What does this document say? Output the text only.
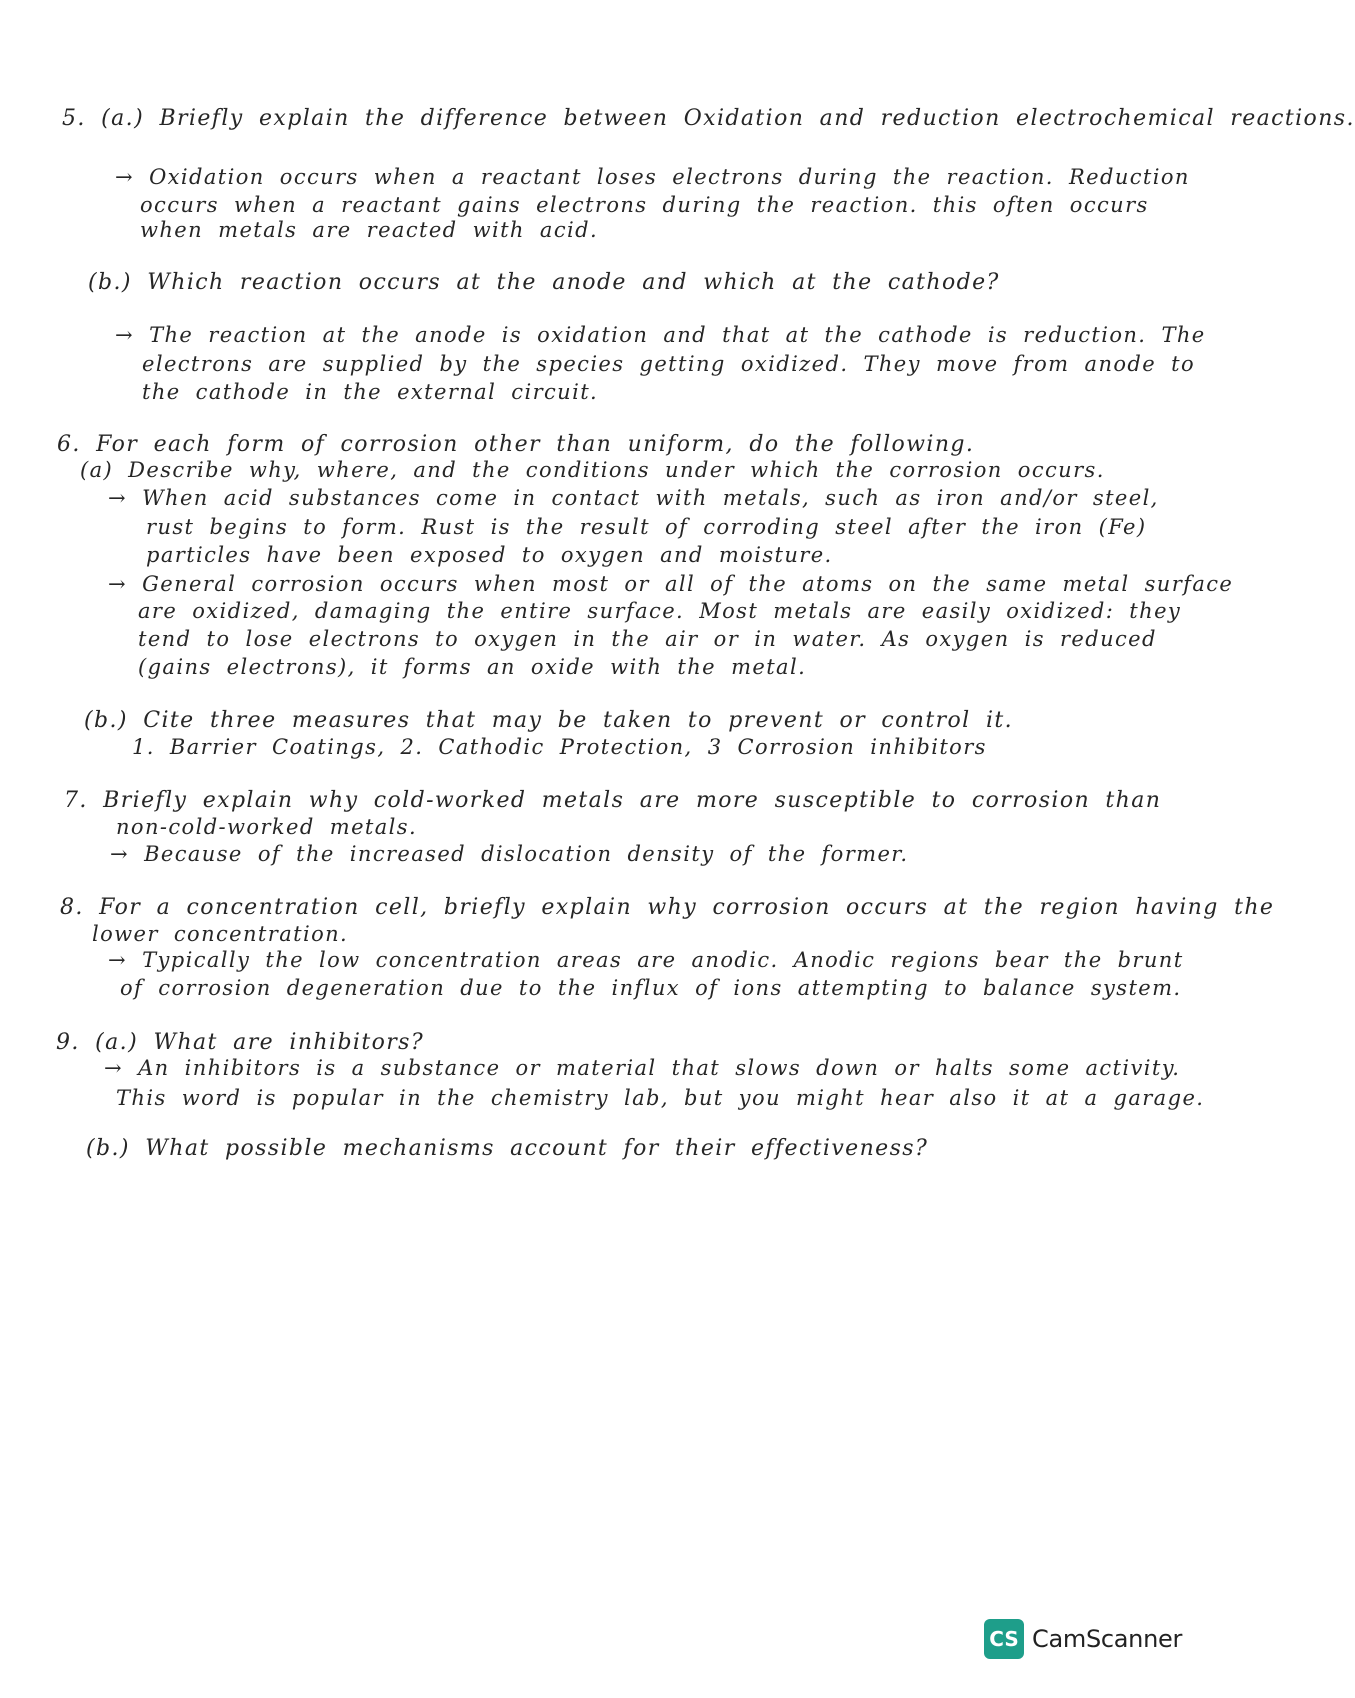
5. (a.) Briefly explain the difference between Oxidation and reduction electrochemical reactions.
→ Oxidation occurs when a reactant loses electrons during the reaction. Reduction
occurs when a reactant gains electrons during the reaction. this often occurs
when metals are reacted with acid.
(b.) Which reaction occurs at the anode and which at the cathode?
→ The reaction at the anode is oxidation and that at the cathode is reduction. The
electrons are supplied by the species getting oxidized. They move from anode to
the cathode in the external circuit.
6. For each form of corrosion other than uniform, do the following.
(a) Describe why, where, and the conditions under which the corrosion occurs.
→ When acid substances come in contact with metals, such as iron and/or steel,
rust begins to form. Rust is the result of corroding steel after the iron (Fe)
particles have been exposed to oxygen and moisture.
→ General corrosion occurs when most or all of the atoms on the same metal surface
are oxidized, damaging the entire surface. Most metals are easily oxidized: they
tend to lose electrons to oxygen in the air or in water. As oxygen is reduced
(gains electrons), it forms an oxide with the metal.
(b.) Cite three measures that may be taken to prevent or control it.
1. Barrier Coatings, 2. Cathodic Protection, 3 Corrosion inhibitors
7. Briefly explain why cold-worked metals are more susceptible to corrosion than
non-cold-worked metals.
→ Because of the increased dislocation density of the former.
8. For a concentration cell, briefly explain why corrosion occurs at the region having the
lower concentration.
→ Typically the low concentration areas are anodic. Anodic regions bear the brunt
of corrosion degeneration due to the influx of ions attempting to balance system.
9. (a.) What are inhibitors?
→ An inhibitors is a substance or material that slows down or halts some activity.
This word is popular in the chemistry lab, but you might hear also it at a garage.
(b.) What possible mechanisms account for their effectiveness?
CS CamScanner
